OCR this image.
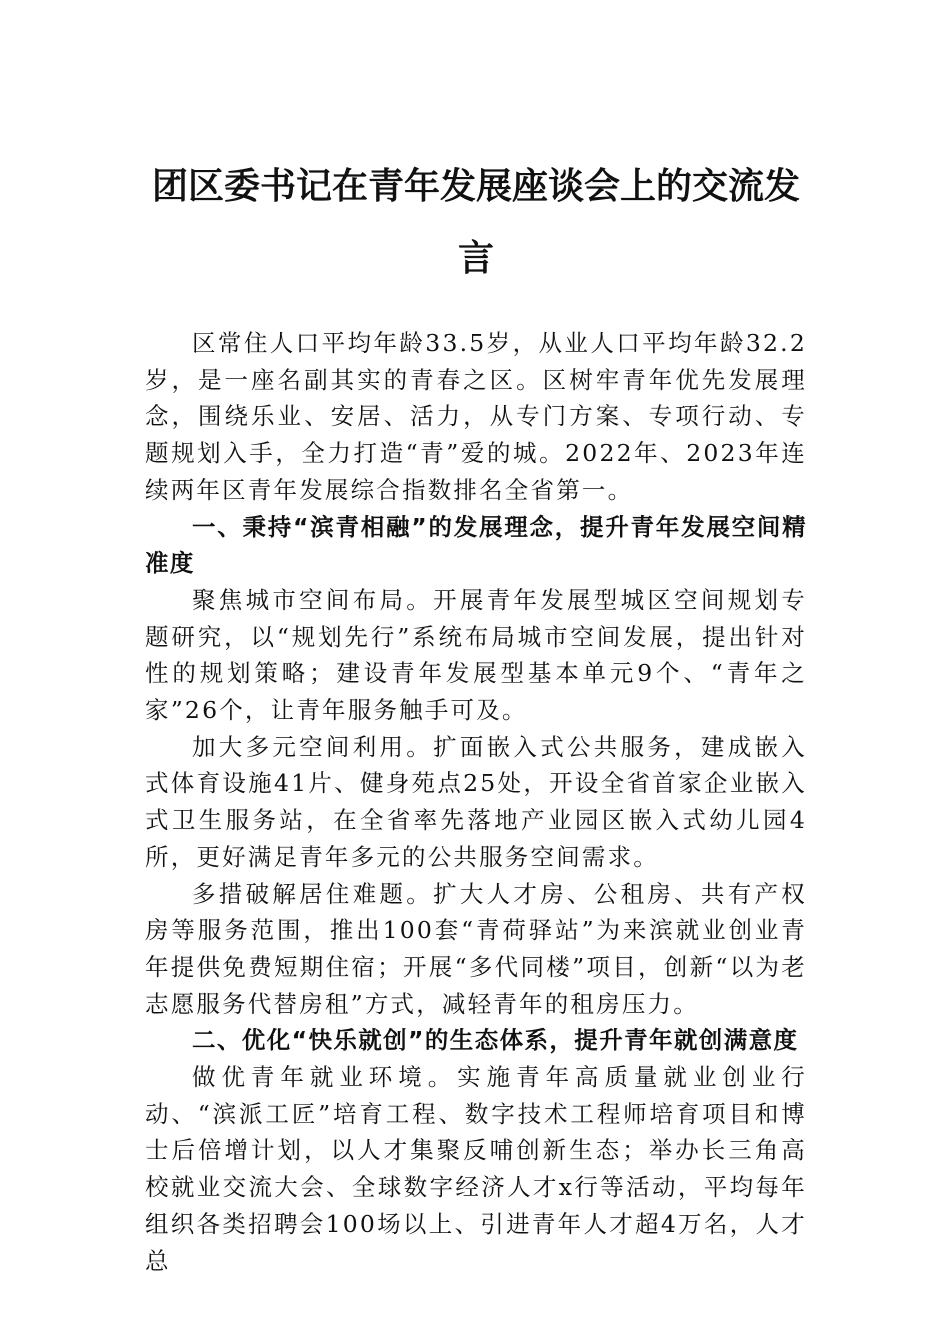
团区委书记在青年发展座谈会上的交流发
言

区常住人口平均年龄33.5岁，从业人口平均年龄32.2岁，是一座名副其实的青春之区。区树牢青年优先发展理念，围绕乐业、安居、活力，从专门方案、专项行动、专题规划入手，全力打造“青”爱的城。2022年、2023年连续两年区青年发展综合指数排名全省第一。

一、秉持“滨青相融”的发展理念，提升青年发展空间精准度

聚焦城市空间布局。开展青年发展型城区空间规划专题研究，以“规划先行”系统布局城市空间发展，提出针对性的规划策略；建设青年发展型基本单元9个、“青年之家”26个，让青年服务触手可及。

加大多元空间利用。扩面嵌入式公共服务，建成嵌入式体育设施41片、健身苑点25处，开设全省首家企业嵌入式卫生服务站，在全省率先落地产业园区嵌入式幼儿园4所，更好满足青年多元的公共服务空间需求。

多措破解居住难题。扩大人才房、公租房、共有产权房等服务范围，推出100套“青荷驿站”为来滨就业创业青年提供免费短期住宿；开展“多代同楼”项目，创新“以为老志愿服务代替房租”方式，减轻青年的租房压力。

二、优化“快乐就创”的生态体系，提升青年就创满意度

做优青年就业环境。实施青年高质量就业创业行动、“滨派工匠”培育工程、数字技术工程师培育项目和博士后倍增计划，以人才集聚反哺创新生态；举办长三角高校就业交流大会、全球数字经济人才x行等活动，平均每年组织各类招聘会100场以上、引进青年人才超4万名，人才总
